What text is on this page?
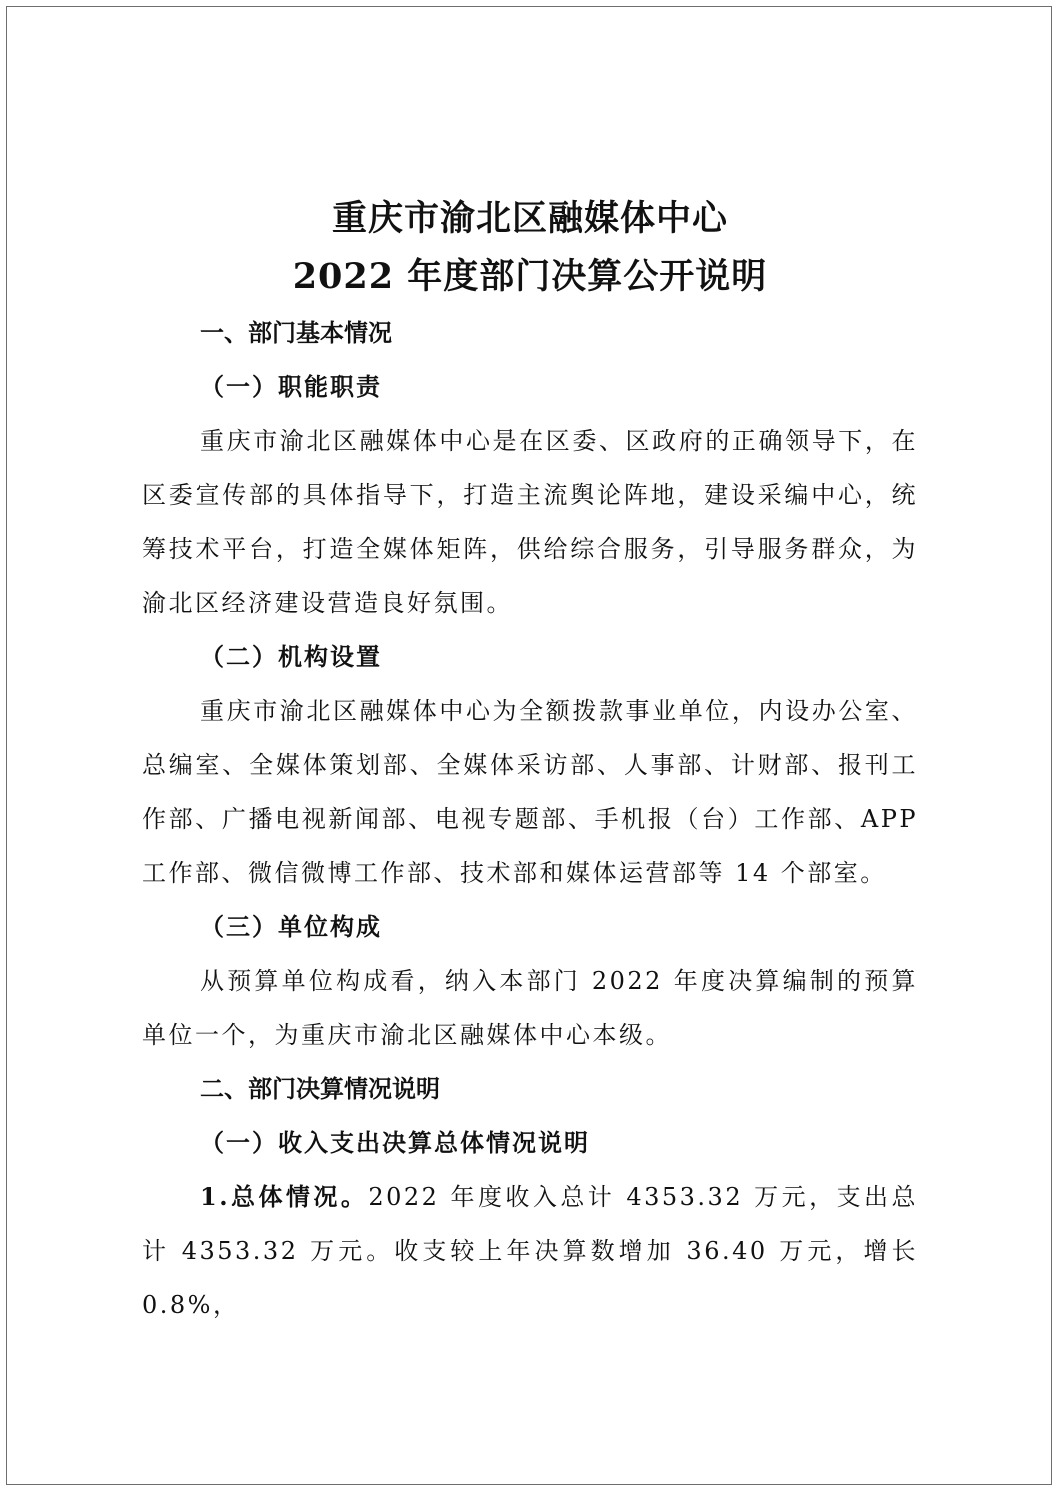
重庆市渝北区融媒体中心
2022 年度部门决算公开说明

一、部门基本情况

（一）职能职责

重庆市渝北区融媒体中心是在区委、区政府的正确领导下，在区委宣传部的具体指导下，打造主流舆论阵地，建设采编中心，统筹技术平台，打造全媒体矩阵，供给综合服务，引导服务群众，为渝北区经济建设营造良好氛围。

（二）机构设置

重庆市渝北区融媒体中心为全额拨款事业单位，内设办公室、总编室、全媒体策划部、全媒体采访部、人事部、计财部、报刊工作部、广播电视新闻部、电视专题部、手机报（台）工作部、APP 工作部、微信微博工作部、技术部和媒体运营部等 14 个部室。

（三）单位构成

从预算单位构成看，纳入本部门 2022 年度决算编制的预算单位一个，为重庆市渝北区融媒体中心本级。

二、部门决算情况说明

（一）收入支出决算总体情况说明

1.总体情况。2022 年度收入总计 4353.32 万元，支出总计 4353.32 万元。收支较上年决算数增加 36.40 万元，增长 0.8%，
